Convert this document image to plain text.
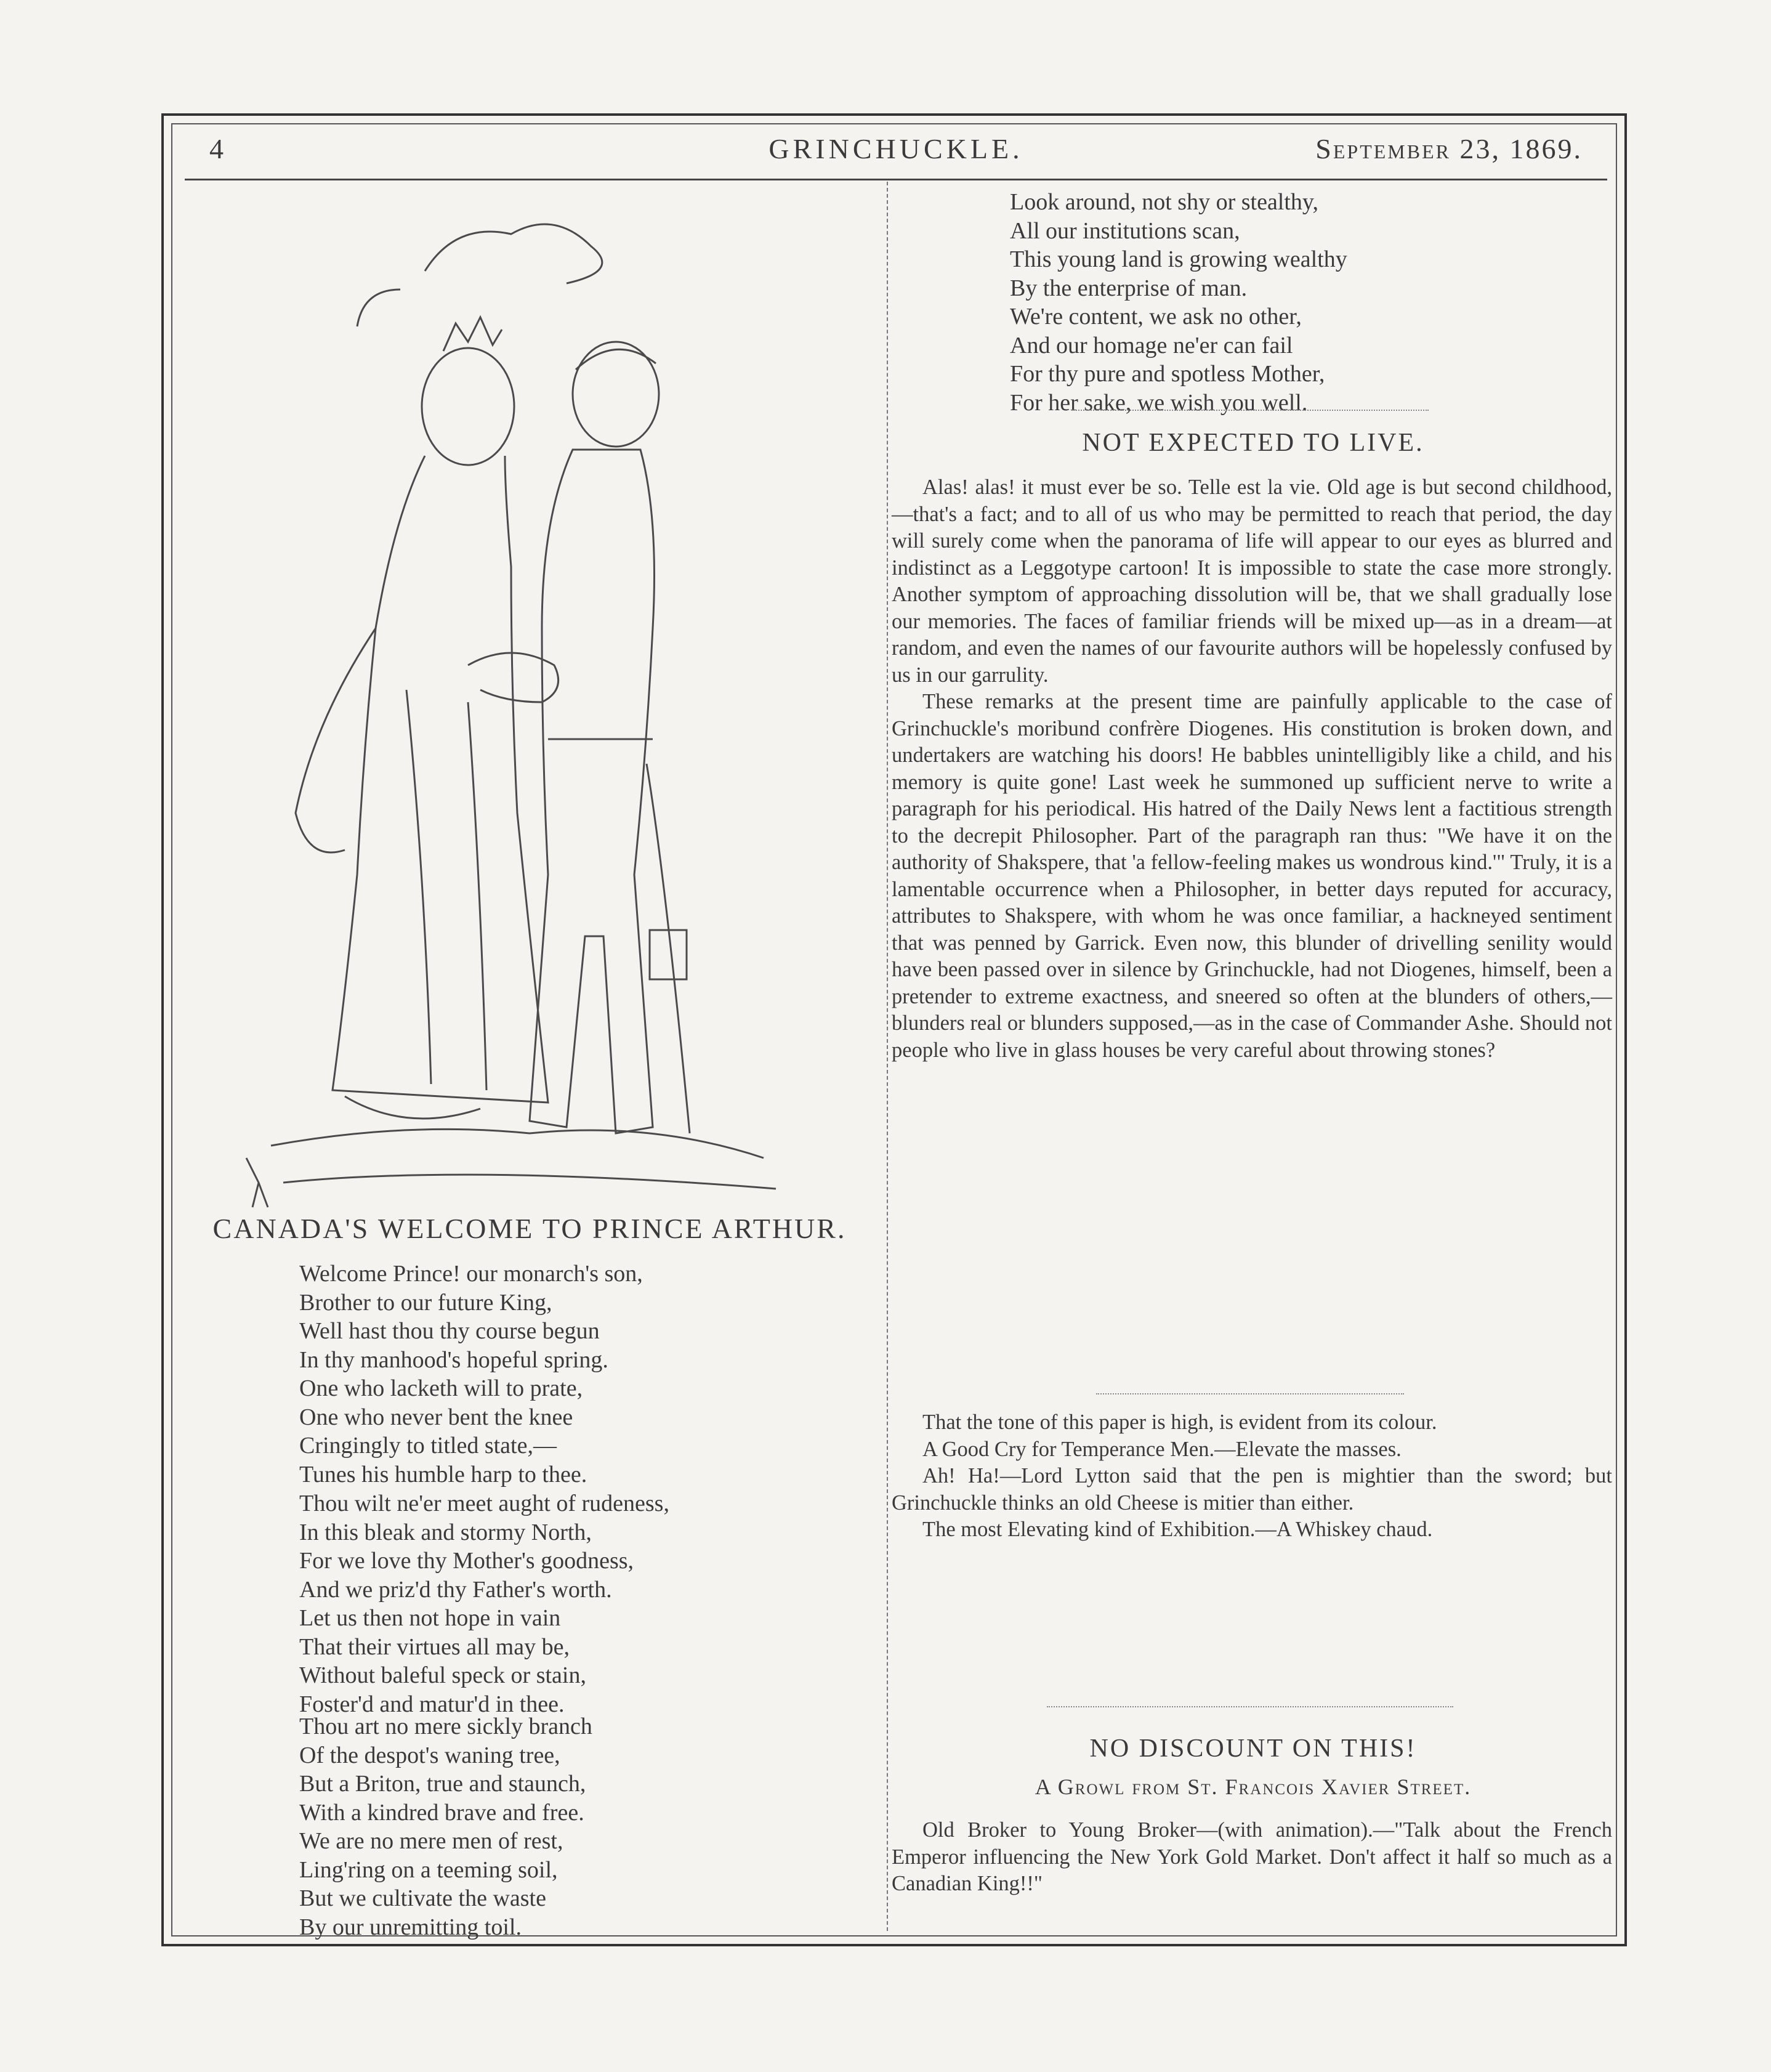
4	GRINCHUCKLE.	September 23, 1869.
CANADA'S WELCOME TO PRINCE ARTHUR.
Welcome Prince! our monarch's son,
Brother to our future King,
Well hast thou thy course begun
In thy manhood's hopeful spring.
One who lacketh will to prate,
One who never bent the knee
Cringingly to titled state,—
Tunes his humble harp to thee.
Thou wilt ne'er meet aught of rudeness,
In this bleak and stormy North,
For we love thy Mother's goodness,
And we priz'd thy Father's worth.
Let us then not hope in vain
That their virtues all may be,
Without baleful speck or stain,
Foster'd and matur'd in thee.
Thou art no mere sickly branch
Of the despot's waning tree,
But a Briton, true and staunch,
With a kindred brave and free.
We are no mere men of rest,
Ling'ring on a teeming soil,
But we cultivate the waste
By our unremitting toil.
Look around, not shy or stealthy,
All our institutions scan,
This young land is growing wealthy
By the enterprise of man.
We're content, we ask no other,
And our homage ne'er can fail
For thy pure and spotless Mother,
For her sake, we wish you well.
NOT EXPECTED TO LIVE.

Alas! alas! it must ever be so. Telle est la vie. Old age is but second childhood,—that's a fact; and to all of us who may be permitted to reach that period, the day will surely come when the panorama of life will appear to our eyes as blurred and indistinct as a Leggotype cartoon! It is impossible to state the case more strongly. Another symptom of approaching dissolution will be, that we shall gradually lose our memories. The faces of familiar friends will be mixed up—as in a dream—at random, and even the names of our favourite authors will be hopelessly confused by us in our garrulity.

These remarks at the present time are painfully applicable to the case of Grinchuckle's moribund confrère Diogenes. His constitution is broken down, and undertakers are watching his doors! He babbles unintelligibly like a child, and his memory is quite gone! Last week he summoned up sufficient nerve to write a paragraph for his periodical. His hatred of the Daily News lent a factitious strength to the decrepit Philosopher. Part of the paragraph ran thus: "We have it on the authority of Shakspere, that 'a fellow-feeling makes us wondrous kind.'" Truly, it is a lamentable occurrence when a Philosopher, in better days reputed for accuracy, attributes to Shakspere, with whom he was once familiar, a hackneyed sentiment that was penned by Garrick. Even now, this blunder of drivelling senility would have been passed over in silence by Grinchuckle, had not Diogenes, himself, been a pretender to extreme exactness, and sneered so often at the blunders of others,—blunders real or blunders supposed,—as in the case of Commander Ashe. Should not people who live in glass houses be very careful about throwing stones?

That the tone of this paper is high, is evident from its colour.

A Good Cry for Temperance Men.—Elevate the masses.

Ah! Ha!—Lord Lytton said that the pen is mightier than the sword; but Grinchuckle thinks an old Cheese is mitier than either.

The most Elevating kind of Exhibition.—A Whiskey chaud.

NO DISCOUNT ON THIS!
A Growl from St. Francois Xavier Street.

Old Broker to Young Broker—(with animation).—"Talk about the French Emperor influencing the New York Gold Market. Don't affect it half so much as a Canadian King!!"
